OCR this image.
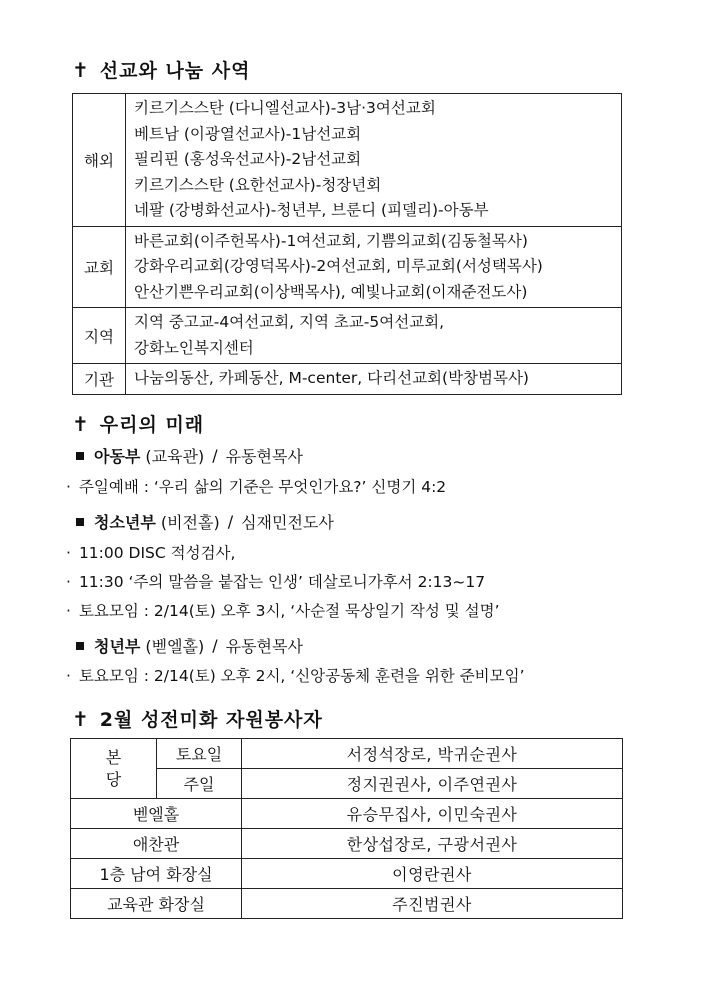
✝ 선교와 나눔 사역
해외	키르기스스탄 (다니엘선교사)-3남·3여선교회
베트남 (이광열선교사)-1남선교회
필리핀 (홍성욱선교사)-2남선교회
키르기스스탄 (요한선교사)-청장년회
네팔 (강병화선교사)-청년부, 브룬디 (피델리)-아동부

교회	바른교회(이주헌목사)-1여선교회, 기쁨의교회(김동철목사)
강화우리교회(강영덕목사)-2여선교회, 미루교회(서성택목사)
안산기쁜우리교회(이상백목사), 예빛나교회(이재준전도사)

지역	지역 중고교-4여선교회, 지역 초교-5여선교회,
강화노인복지센터

기관	나눔의동산, 카페동산, M-center, 다리선교회(박창범목사)
✝ 우리의 미래
아동부 (교육관) / 유동현목사
· 주일예배 : ‘우리 삶의 기준은 무엇인가요?’ 신명기 4:2
청소년부 (비전홀) / 심재민전도사
· 11:00 DISC 적성검사,
· 11:30 ‘주의 말씀을 붙잡는 인생’ 데살로니가후서 2:13~17
· 토요모임 : 2/14(토) 오후 3시, ‘사순절 묵상일기 작성 및 설명’
청년부 (벧엘홀) / 유동현목사
· 토요모임 : 2/14(토) 오후 2시, ‘신앙공동체 훈련을 위한 준비모임’
✝ 2월 성전미화 자원봉사자
본
당	토요일	서정석장로, 박귀순권사
	주일	정지권권사, 이주연권사
벧엘홀		유승무집사, 이민숙권사
애찬관		한상섭장로, 구광서권사
1층 남여 화장실		이영란권사
교육관 화장실		주진범권사
